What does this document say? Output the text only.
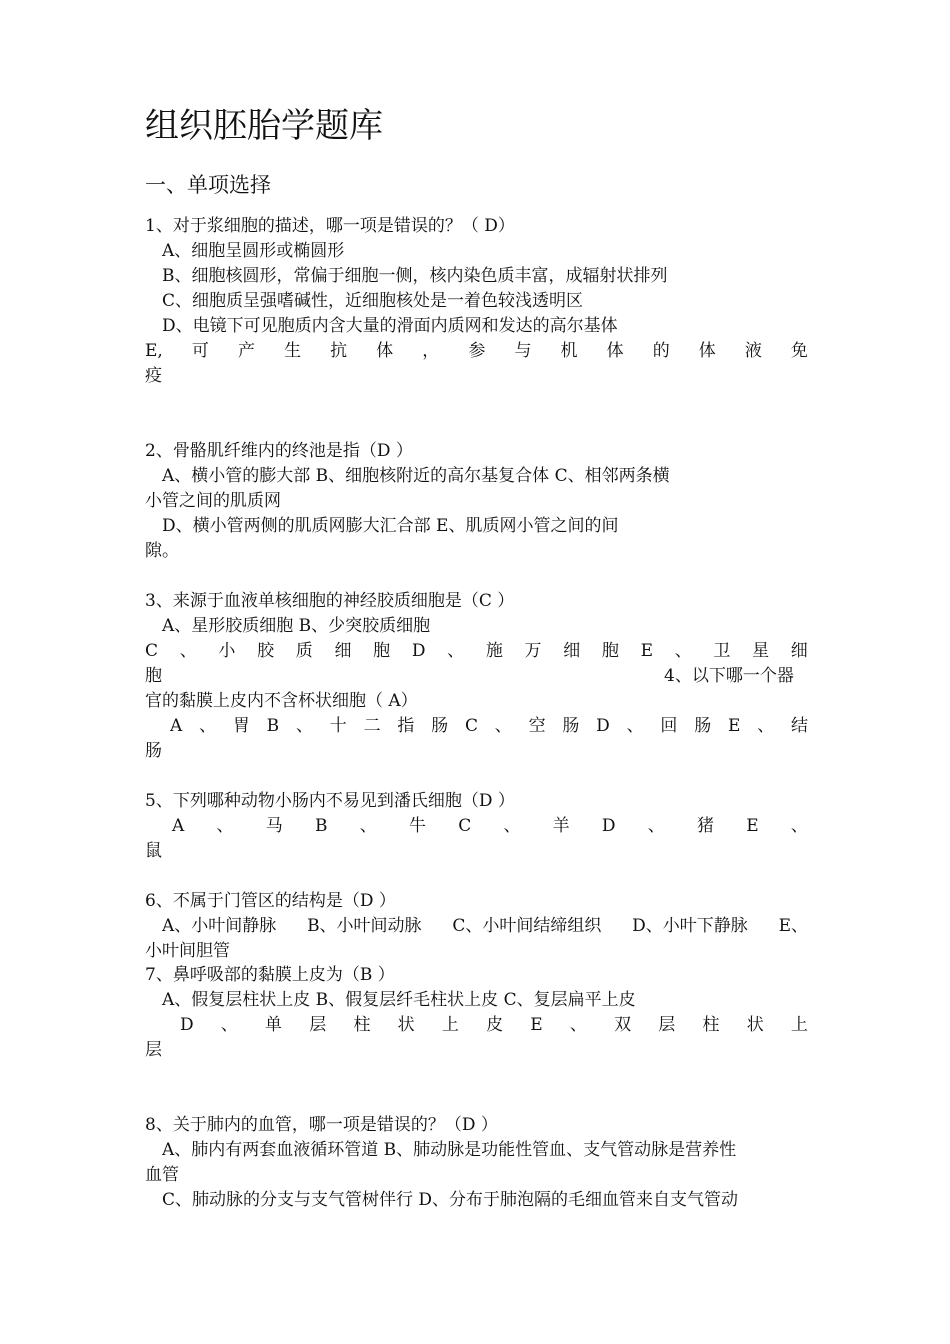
组织胚胎学题库
一、单项选择
1、对于浆细胞的描述，哪一项是错误的？（ D）
A、细胞呈圆形或椭圆形
B、细胞核圆形，常偏于细胞一侧，核内染色质丰富，成辐射状排列
C、细胞质呈强嗜碱性，近细胞核处是一着色较浅透明区
D、电镜下可见胞质内含大量的滑面内质网和发达的高尔基体
E, 可 产 生 抗 体 ， 参 与 机 体 的 体 液 免
疫
2、骨骼肌纤维内的终池是指（D ）
A、横小管的膨大部 B、细胞核附近的高尔基复合体 C、相邻两条横
小管之间的肌质网
D、横小管两侧的肌质网膨大汇合部 E、肌质网小管之间的间
隙。
3、来源于血液单核细胞的神经胶质细胞是（C ）
A、星形胶质细胞 B、少突胶质细胞
C 、 小 胶 质 细 胞 D 、 施 万 细 胞 E 、 卫 星 细
胞	4、以下哪一个器
官的黏膜上皮内不含杯状细胞（ A）
A 、 胃 B 、 十 二 指 肠 C 、 空 肠 D 、 回 肠 E 、 结
肠
5、下列哪种动物小肠内不易见到潘氏细胞（D ）
A 、 马 B 、 牛 C 、 羊 D 、 猪 E 、
鼠
6、不属于门管区的结构是（D ）
A、小叶间静脉 B、小叶间动脉 C、小叶间结缔组织 D、小叶下静脉 E、
小叶间胆管
7、鼻呼吸部的黏膜上皮为（B ）
A、假复层柱状上皮 B、假复层纤毛柱状上皮 C、复层扁平上皮
D 、 单 层 柱 状 上 皮 E 、 双 层 柱 状 上
层
8、关于肺内的血管，哪一项是错误的？（D ）
A、肺内有两套血液循环管道 B、肺动脉是功能性管血、支气管动脉是营养性
血管
C、肺动脉的分支与支气管树伴行 D、分布于肺泡隔的毛细血管来自支气管动
